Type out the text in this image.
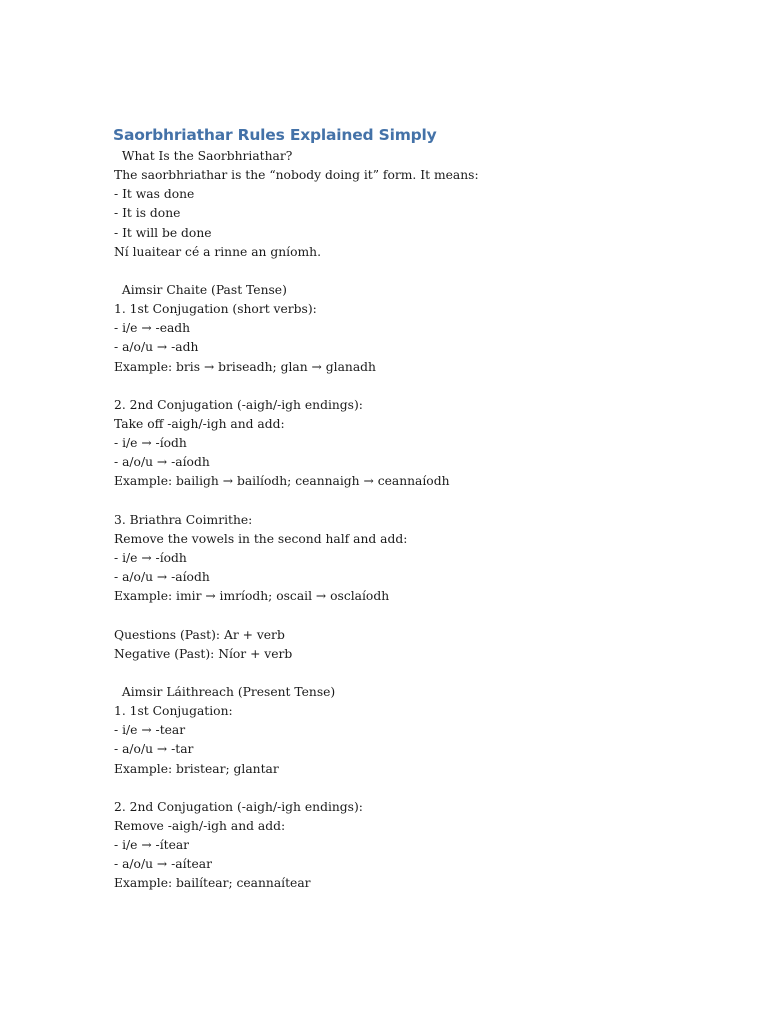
Saorbhriathar Rules Explained Simply
What Is the Saorbhriathar?
The saorbhriathar is the “nobody doing it” form. It means:
- It was done
- It is done
- It will be done
Ní luaitear cé a rinne an gníomh.
Aimsir Chaite (Past Tense)
1. 1st Conjugation (short verbs):
- i/e → -eadh
- a/o/u → -adh
Example: bris → briseadh; glan → glanadh
2. 2nd Conjugation (-aigh/-igh endings):
Take off -aigh/-igh and add:
- i/e → -íodh
- a/o/u → -aíodh
Example: bailigh → bailíodh; ceannaigh → ceannaíodh
3. Briathra Coimrithe:
Remove the vowels in the second half and add:
- i/e → -íodh
- a/o/u → -aíodh
Example: imir → imríodh; oscail → osclaíodh
Questions (Past): Ar + verb
Negative (Past): Níor + verb
Aimsir Láithreach (Present Tense)
1. 1st Conjugation:
- i/e → -tear
- a/o/u → -tar
Example: bristear; glantar
2. 2nd Conjugation (-aigh/-igh endings):
Remove -aigh/-igh and add:
- i/e → -ítear
- a/o/u → -aítear
Example: bailítear; ceannaítear
